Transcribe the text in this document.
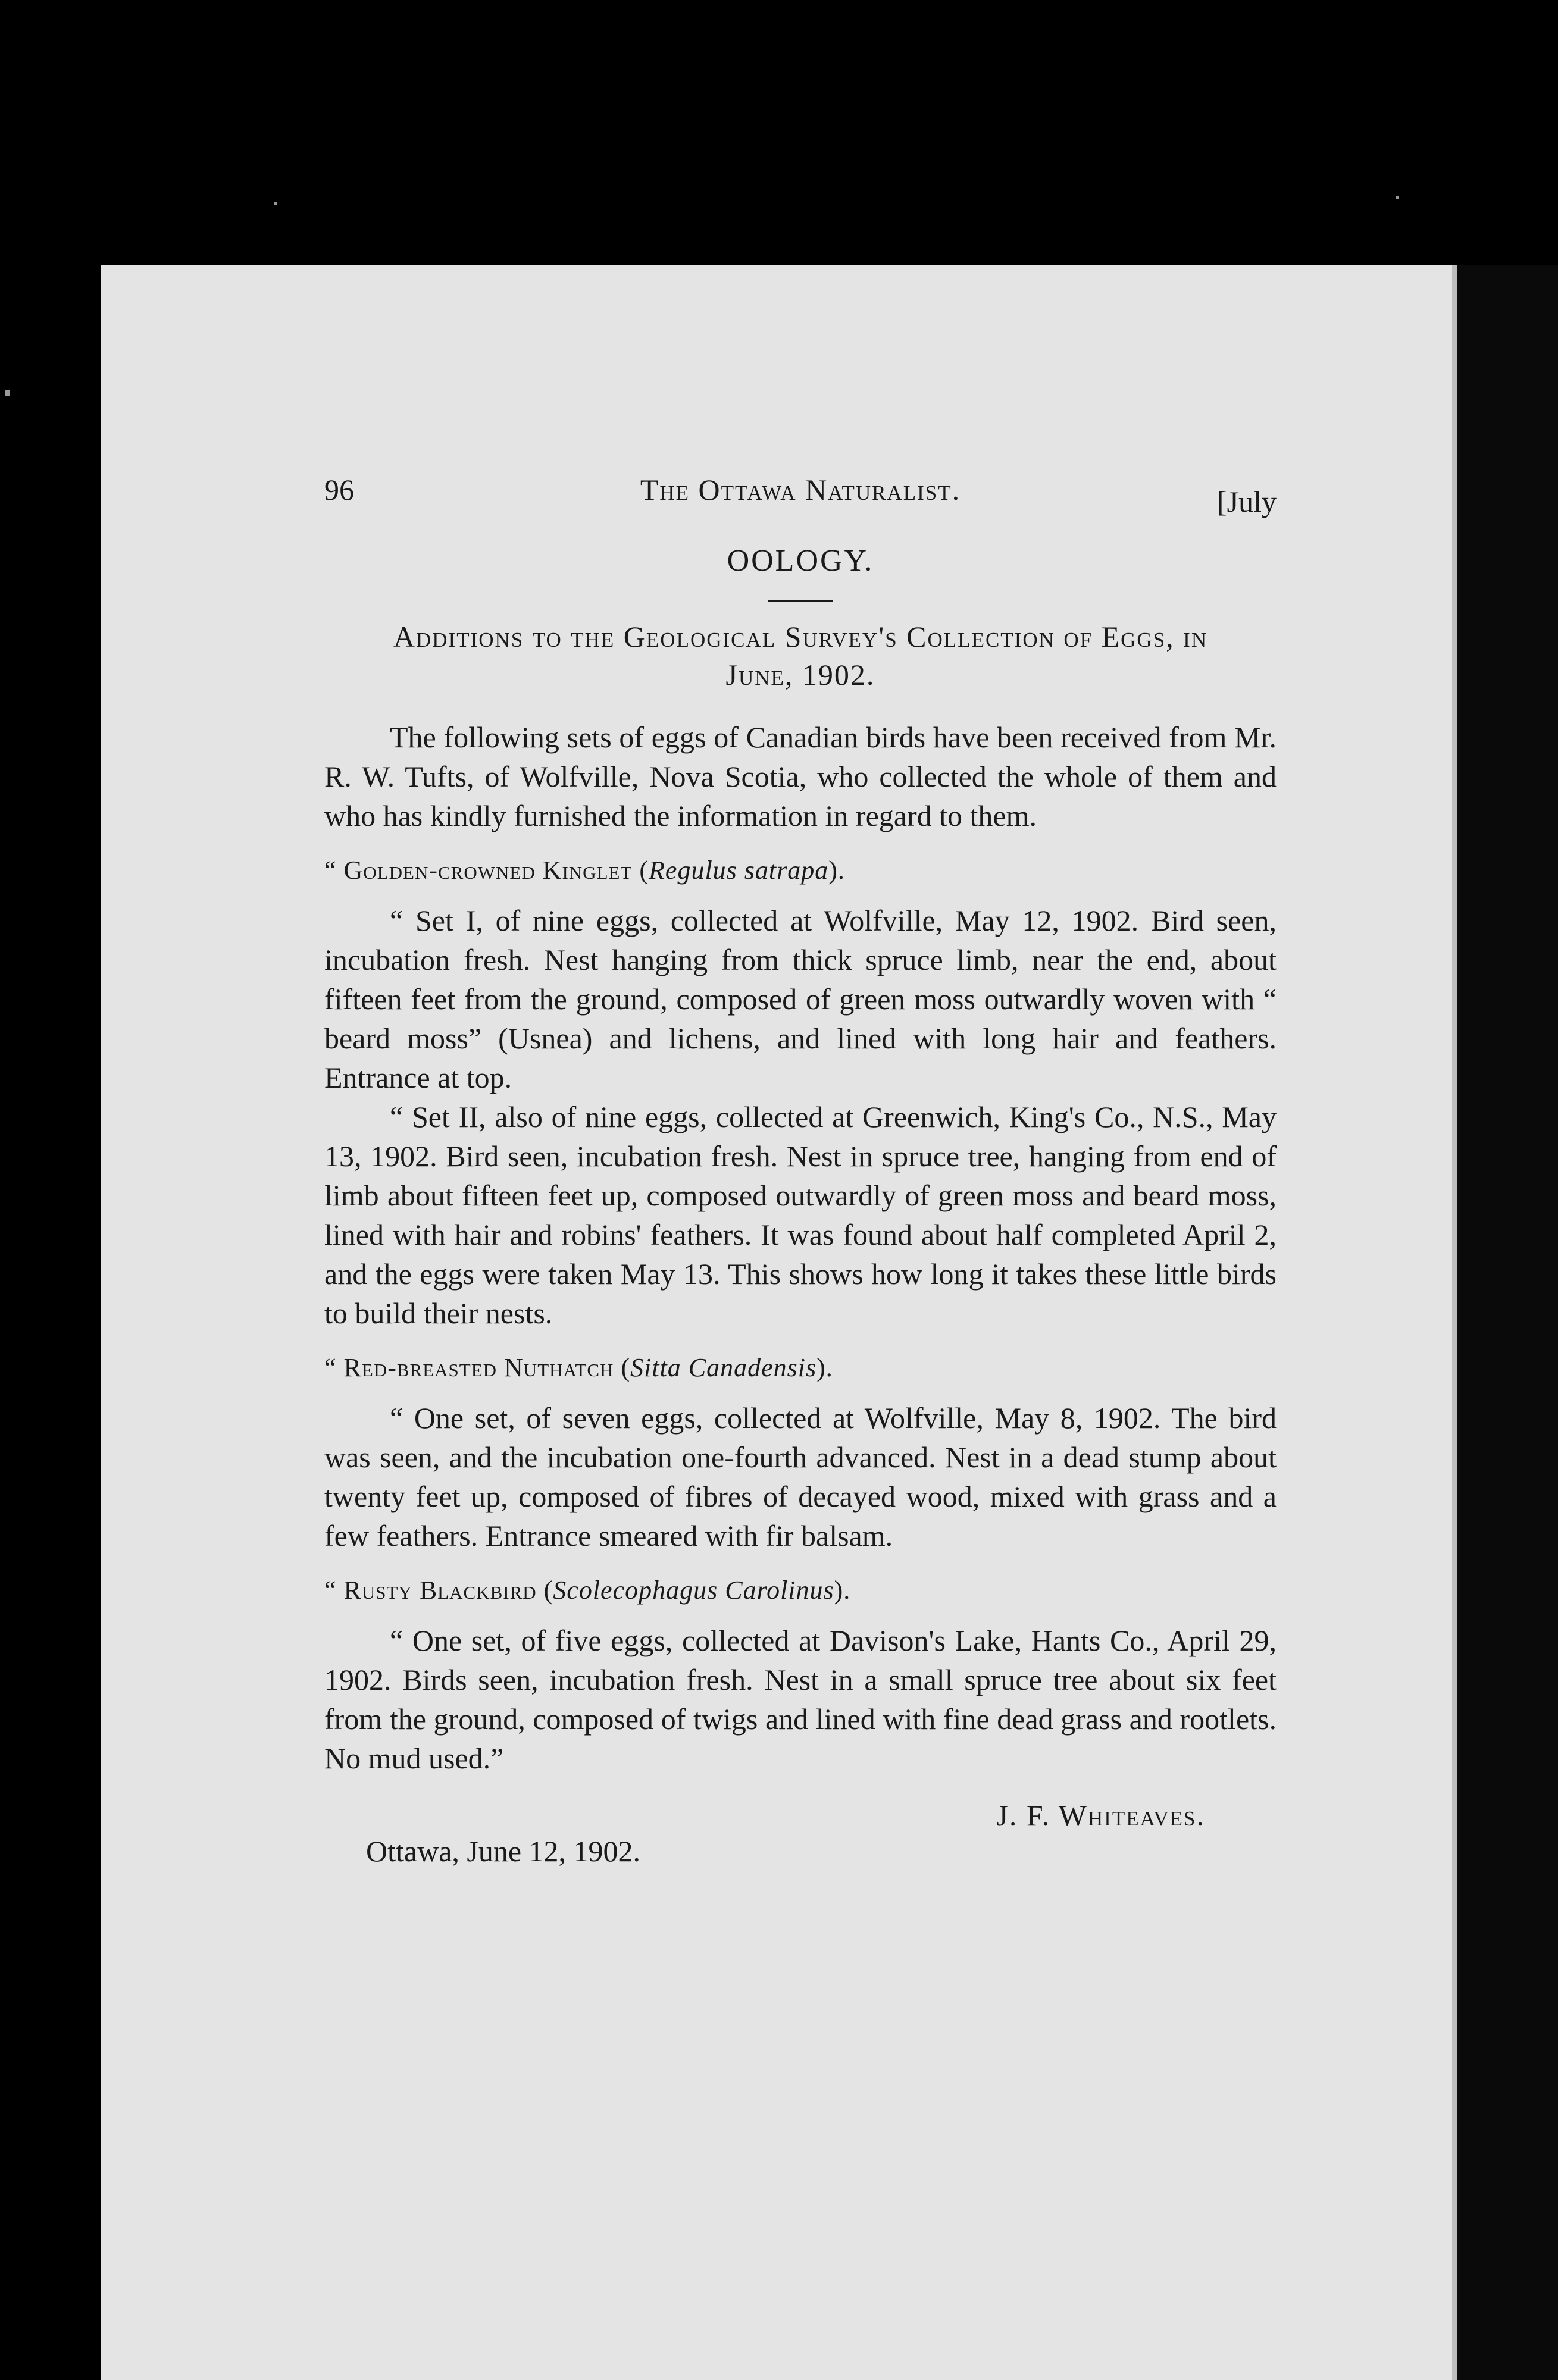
96	The Ottawa Naturalist.	[July
OOLOGY.
Additions to the Geological Survey's Collection of Eggs, in
June, 1902.

The following sets of eggs of Canadian birds have been received from Mr. R. W. Tufts, of Wolfville, Nova Scotia, who collected the whole of them and who has kindly furnished the information in regard to them.

“ Golden-crowned Kinglet (Regulus satrapa).

“ Set I, of nine eggs, collected at Wolfville, May 12, 1902. Bird seen, incubation fresh. Nest hanging from thick spruce limb, near the end, about fifteen feet from the ground, composed of green moss outwardly woven with “ beard moss” (Usnea) and lichens, and lined with long hair and feathers. Entrance at top.

“ Set II, also of nine eggs, collected at Greenwich, King's Co., N.S., May 13, 1902. Bird seen, incubation fresh. Nest in spruce tree, hanging from end of limb about fifteen feet up, composed outwardly of green moss and beard moss, lined with hair and robins' feathers. It was found about half completed April 2, and the eggs were taken May 13. This shows how long it takes these little birds to build their nests.

“ Red-breasted Nuthatch (Sitta Canadensis).

“ One set, of seven eggs, collected at Wolfville, May 8, 1902. The bird was seen, and the incubation one-fourth advanced. Nest in a dead stump about twenty feet up, composed of fibres of decayed wood, mixed with grass and a few feathers. Entrance smeared with fir balsam.

“ Rusty Blackbird (Scolecophagus Carolinus).

“ One set, of five eggs, collected at Davison's Lake, Hants Co., April 29, 1902. Birds seen, incubation fresh. Nest in a small spruce tree about six feet from the ground, composed of twigs and lined with fine dead grass and rootlets. No mud used.”

J. F. Whiteaves.
Ottawa, June 12, 1902.
